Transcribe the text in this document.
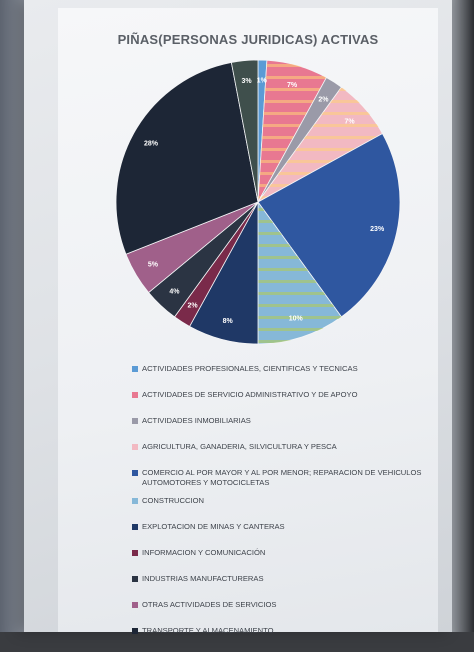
PIÑAS(PERSONAS JURIDICAS) ACTIVAS
1%
7%
2%
7%
23%
10%
8%
2%
4%
5%
28%
3%
ACTIVIDADES PROFESIONALES, CIENTIFICAS Y TECNICAS
ACTIVIDADES DE SERVICIO ADMINISTRATIVO Y DE APOYO
ACTIVIDADES INMOBILIARIAS
AGRICULTURA, GANADERIA, SILVICULTURA Y PESCA
COMERCIO AL POR MAYOR Y AL POR MENOR; REPARACION DE VEHICULOS AUTOMOTORES Y MOTOCICLETAS
CONSTRUCCION
EXPLOTACION DE MINAS Y CANTERAS
INFORMACION Y COMUNICACIÓN
INDUSTRIAS MANUFACTURERAS
OTRAS ACTIVIDADES DE SERVICIOS
TRANSPORTE Y ALMACENAMIENTO
